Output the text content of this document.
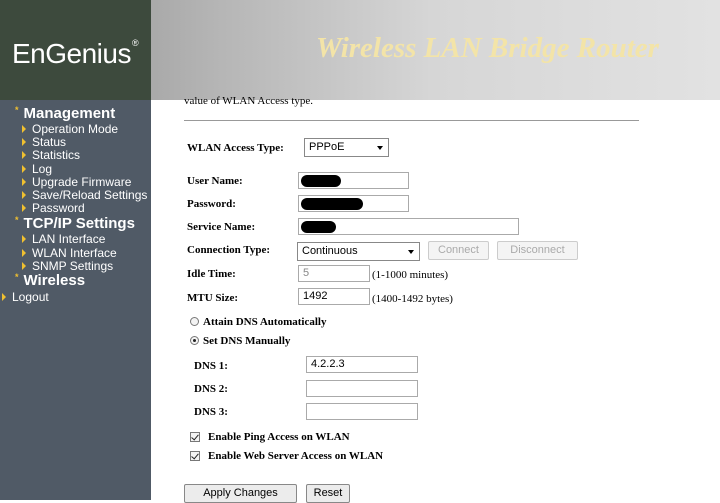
EnGenius®	Wireless LAN Bridge Router
* Management
Operation Mode
Status
Statistics
Log
Upgrade Firmware
Save/Reload Settings
Password
* TCP/IP Settings
LAN Interface
WLAN Interface
SNMP Settings
* Wireless
Logout
value of WLAN Access type.
WLAN Access Type:	PPPoE
User Name:
Password:
Service Name:
Connection Type:	Continuous	Connect	Disconnect
Idle Time:	5	(1-1000 minutes)
MTU Size:	1492	(1400-1492 bytes)
Attain DNS Automatically
Set DNS Manually
DNS 1:	4.2.2.3
DNS 2:
DNS 3:
Enable Ping Access on WLAN
Enable Web Server Access on WLAN
Apply Changes	Reset
